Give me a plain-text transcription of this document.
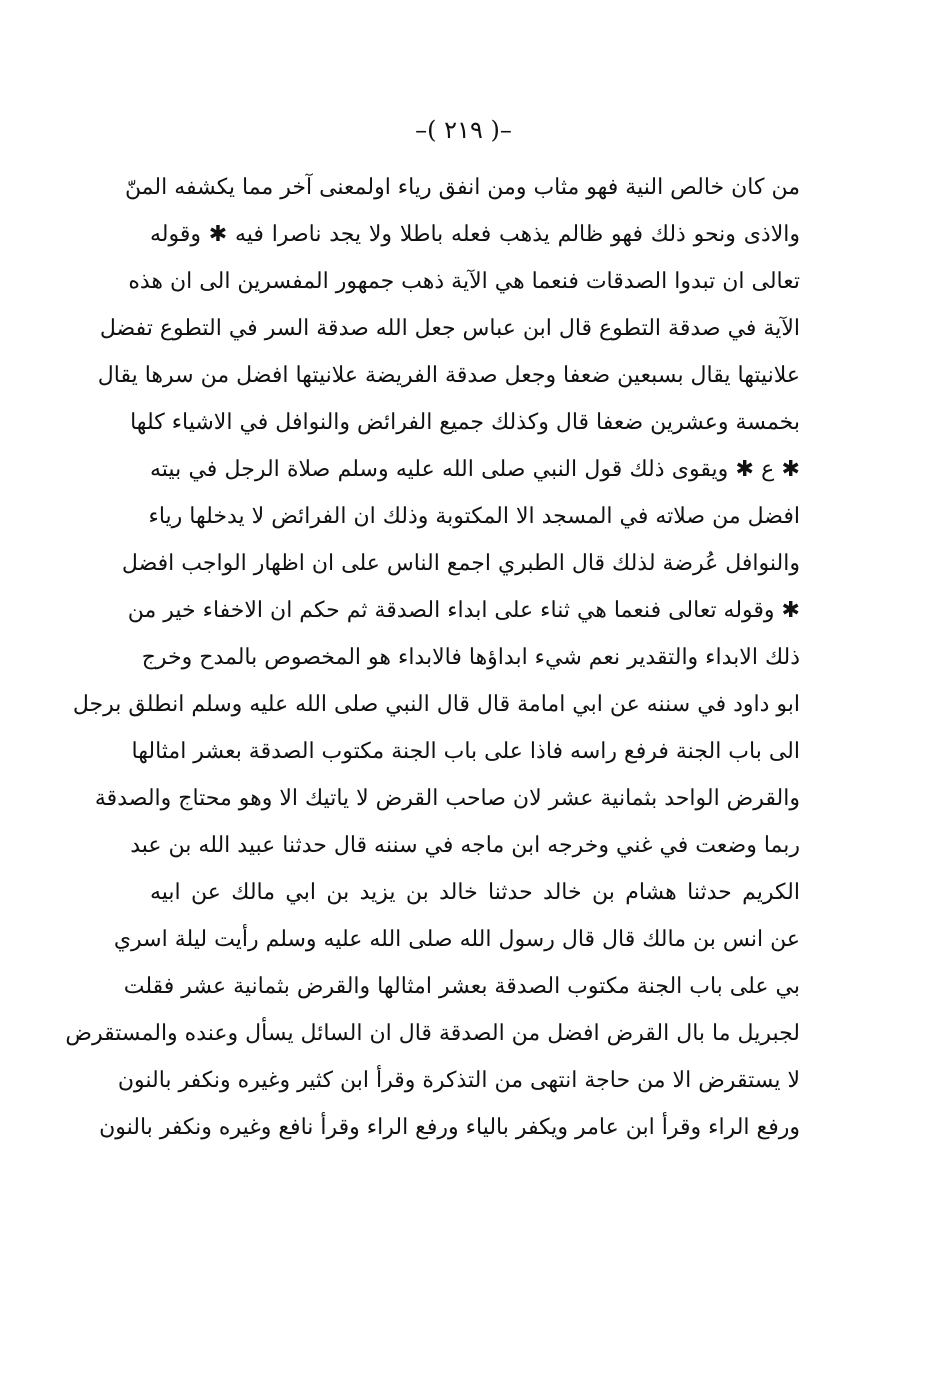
–( ٢١٩ )–
من كان خالص النية فهو مثاب ومن انفق رياء اولمعنى آخر مما يكشفه المنّ
والاذى ونحو ذلك فهو ظالم يذهب فعله باطلا ولا يجد ناصرا فيه ✱ وقوله
تعالى ان تبدوا الصدقات فنعما هي الآية ذهب جمهور المفسرين الى ان هذه
الآية في صدقة التطوع قال ابن عباس جعل الله صدقة السر في التطوع تفضل
علانيتها يقال بسبعين ضعفا وجعل صدقة الفريضة علانيتها افضل من سرها يقال
بخمسة وعشرين ضعفا قال وكذلك جميع الفرائض والنوافل في الاشياء كلها
✱ ع ✱ ويقوى ذلك قول النبي صلى الله عليه وسلم صلاة الرجل في بيته
افضل من صلاته في المسجد الا المكتوبة وذلك ان الفرائض لا يدخلها رياء
والنوافل عُرضة لذلك قال الطبري اجمع الناس على ان اظهار الواجب افضل
✱ وقوله تعالى فنعما هي ثناء على ابداء الصدقة ثم حكم ان الاخفاء خير من
ذلك الابداء والتقدير نعم شيء ابداؤها فالابداء هو المخصوص بالمدح وخرج
ابو داود في سننه عن ابي امامة قال قال النبي صلى الله عليه وسلم انطلق برجل
الى باب الجنة فرفع راسه فاذا على باب الجنة مكتوب الصدقة بعشر امثالها
والقرض الواحد بثمانية عشر لان صاحب القرض لا ياتيك الا وهو محتاج والصدقة
ربما وضعت في غني وخرجه ابن ماجه في سننه قال حدثنا عبيد الله بن عبد
الكريم حدثنا هشام بن خالد حدثنا خالد بن يزيد بن ابي مالك عن ابيه
عن انس بن مالك قال قال رسول الله صلى الله عليه وسلم رأيت ليلة اسري
بي على باب الجنة مكتوب الصدقة بعشر امثالها والقرض بثمانية عشر فقلت
لجبريل ما بال القرض افضل من الصدقة قال ان السائل يسأل وعنده والمستقرض
لا يستقرض الا من حاجة انتهى من التذكرة وقرأ ابن كثير وغيره ونكفر بالنون
ورفع الراء وقرأ ابن عامر ويكفر بالياء ورفع الراء وقرأ نافع وغيره ونكفر بالنون
